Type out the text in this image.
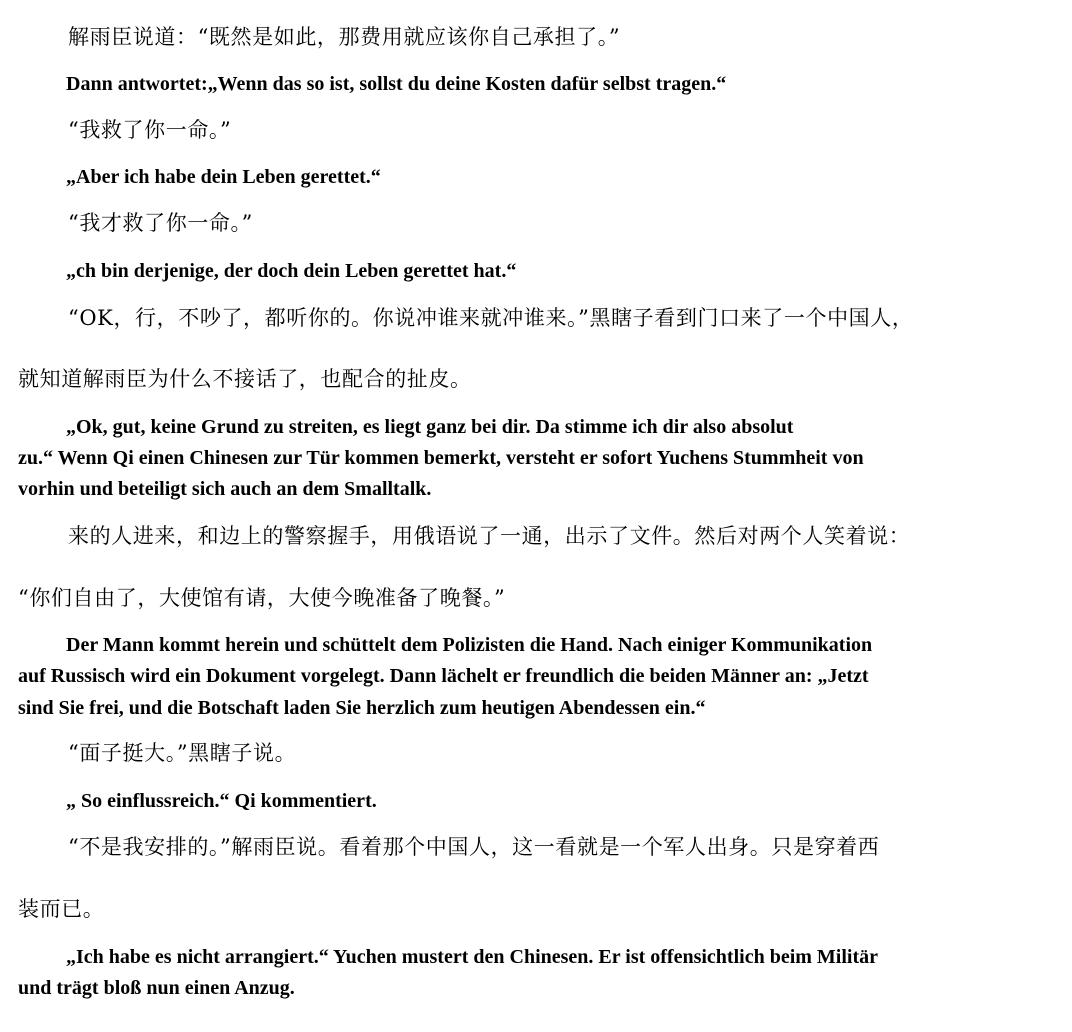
解雨臣说道：“既然是如此，那费用就应该你自己承担了。”
Dann antwortet:„Wenn das so ist, sollst du deine Kosten dafür selbst tragen.“
“我救了你一命。”
„Aber ich habe dein Leben gerettet.“
“我才救了你一命。”
„ch bin derjenige, der doch dein Leben gerettet hat.“
“OK，行，不吵了，都听你的。你说冲谁来就冲谁来。”黑瞎子看到门口来了一个中国人，
就知道解雨臣为什么不接话了，也配合的扯皮。
„Ok, gut, keine Grund zu streiten, es liegt ganz bei dir. Da stimme ich dir also absolut
zu.“ Wenn Qi einen Chinesen zur Tür kommen bemerkt, versteht er sofort Yuchens Stummheit von
vorhin und beteiligt sich auch an dem Smalltalk.
来的人进来，和边上的警察握手，用俄语说了一通，出示了文件。然后对两个人笑着说：
“你们自由了，大使馆有请，大使今晚准备了晚餐。”
Der Mann kommt herein und schüttelt dem Polizisten die Hand. Nach einiger Kommunikation
auf Russisch wird ein Dokument vorgelegt. Dann lächelt er freundlich die beiden Männer an: „Jetzt
sind Sie frei, und die Botschaft laden Sie herzlich zum heutigen Abendessen ein.“
“面子挺大。”黑瞎子说。
„ So einflussreich.“ Qi kommentiert.
“不是我安排的。”解雨臣说。看着那个中国人，这一看就是一个军人出身。只是穿着西
装而已。
„Ich habe es nicht arrangiert.“ Yuchen mustert den Chinesen. Er ist offensichtlich beim Militär
und trägt bloß nun einen Anzug.
